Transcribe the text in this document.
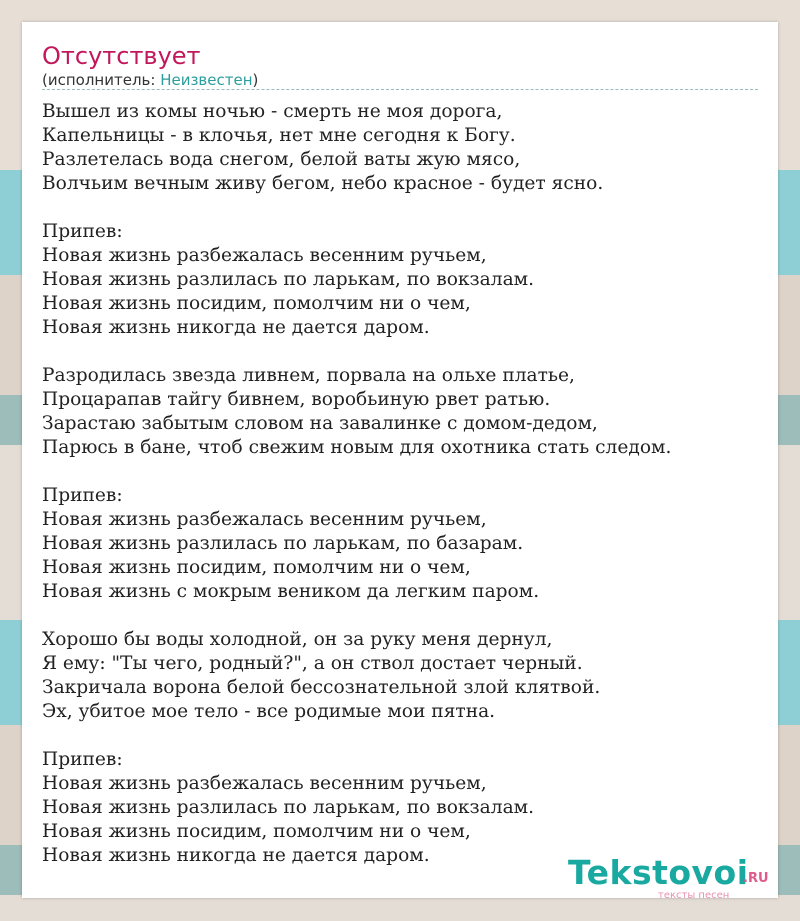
Отсутствует
(исполнитель: Неизвестен)
Вышел из комы ночью - смерть не моя дорога,
Капельницы - в клочья, нет мне сегодня к Богу.
Разлетелась вода снегом, белой ваты жую мясо,
Волчьим вечным живу бегом, небо красное - будет ясно.
Припев:
Новая жизнь разбежалась весенним ручьем,
Новая жизнь разлилась по ларькам, по вокзалам.
Новая жизнь посидим, помолчим ни о чем,
Новая жизнь никогда не дается даром.
Разродилась звезда ливнем, порвала на ольхе платье,
Процарапав тайгу бивнем, воробьиную рвет ратью.
Зарастаю забытым словом на завалинке с домом-дедом,
Парюсь в бане, чтоб свежим новым для охотника стать следом.
Припев:
Новая жизнь разбежалась весенним ручьем,
Новая жизнь разлилась по ларькам, по базарам.
Новая жизнь посидим, помолчим ни о чем,
Новая жизнь с мокрым веником да легким паром.
Хорошо бы воды холодной, он за руку меня дернул,
Я ему: "Ты чего, родный?", а он ствол достает черный.
Закричала ворона белой бессознательной злой клятвой.
Эх, убитое мое тело - все родимые мои пятна.
Припев:
Новая жизнь разбежалась весенним ручьем,
Новая жизнь разлилась по ларькам, по вокзалам.
Новая жизнь посидим, помолчим ни о чем,
Новая жизнь никогда не дается даром.	Tekstovoi
.RU
тексты песен
